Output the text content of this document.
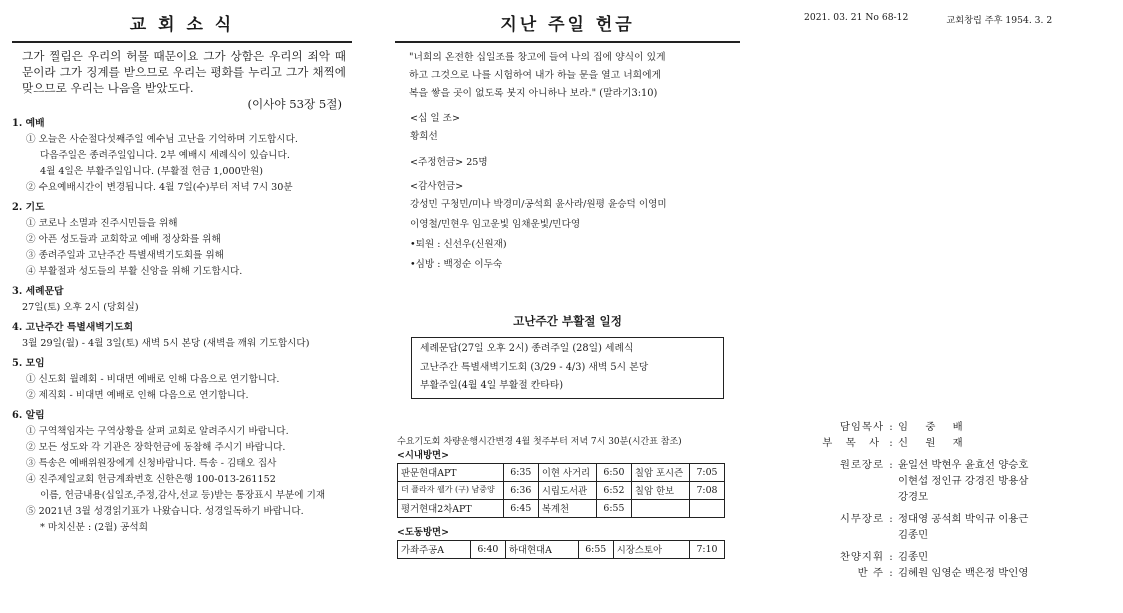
교 회 소 식
그가 찔림은 우리의 허물 때문이요 그가 상함은 우리의 죄악 때문이라 그가 징계를 받으므로 우리는 평화를 누리고 그가 채찍에 맞으므로 우리는 나음을 받았도다.
(이사야 53장 5절)
1. 예배
① 오늘은 사순절다섯째주일 예수님 고난을 기억하며 기도합시다.
다음주일은 종려주일입니다. 2부 예배시 세례식이 있습니다.
4월 4일은 부활주일입니다. (부활절 헌금 1,000만원)
② 수요예배시간이 변경됩니다. 4월 7일(수)부터 저녁 7시 30분
2. 기도
① 코로나 소멸과 진주시민들을 위해
② 아픈 성도들과 교회학교 예배 정상화를 위해
③ 종려주일과 고난주간 특별새벽기도회를 위해
④ 부활절과 성도들의 부활 신앙을 위해 기도합시다.
3. 세례문답
27일(토) 오후 2시 (당회실)
4. 고난주간 특별새벽기도회
3월 29일(월) - 4월 3일(토) 새벽 5시 본당 (새벽을 깨워 기도합시다)
5. 모임
① 신도회 월례회 - 비대면 예배로 인해 다음으로 연기합니다.
② 제직회 - 비대면 예배로 인해 다음으로 연기합니다.
6. 알림
① 구역책임자는 구역상황을 살펴 교회로 알려주시기 바랍니다.
② 모든 성도와 각 기관은 장학헌금에 동참해 주시기 바랍니다.
③ 특송은 예배위원장에게 신청바랍니다. 특송 - 김태오 집사
④ 진주제일교회 헌금계좌번호 신한은행 100-013-261152
이름, 헌금내용(십일조,주정,감사,선교 등)받는 통장표시 부분에 기재
⑤ 2021년 3월 성경읽기표가 나왔습니다. 성경일독하기 바랍니다.
* 마치신분 : (2월) 공석희
지난 주일 헌금
"너희의 온전한 십일조를 창고에 들여 나의 집에 양식이 있게
하고 그것으로 나를 시험하여 내가 하늘 문을 열고 너희에게
복을 쌓을 곳이 없도록 붓지 아니하나 보라." (말라기3:10)
<십 일 조>
황희선
<주정헌금> 25명
<감사헌금>
강성민 구청민/미나 박경미/공석희 윤사라/원평 윤승덕 이영미
이영철/민현우 임고운빛 임채운빛/민다영
•퇴원 : 신선우(신원재)
•심방 : 백정순 이두숙
고난주간 부활절 일정
세례문답(27일 오후 2시) 종려주일 (28일) 세례식
고난주간 특별새벽기도회 (3/29 - 4/3) 새벽 5시 본당
부활주일(4월 4일 부활절 칸타타)
수요기도회 차량운행시간변경 4월 첫주부터 저녁 7시 30분(시간표 참조)
<시내방면>
판문현대APT	6:35	이현 사거리	6:50	칠암 포시즌	7:05
더 플라자 웰가 (구) 남중양	6:36	시립도서관	6:52	칠암 한보	7:08
평거현대2차APT	6:45	복계천	6:55		
<도동방면>
가좌주공A	6:40	하대현대A	6:55	시장스토아	7:10
2021. 03. 21 No 68-12	교회창립 주후 1954. 3. 2
담임목사 : 임 중 배
부 목 사 : 신 원 재
원로장로 : 윤일선 박현우 윤효선 양승호
이현섭 정인규 강경진 방용삼
강경모
시무장로 : 정대영 공석희 박익규 이용근
김종민
찬양지휘 : 김종민
반 주 : 김혜원 임영순 백은정 박인영
